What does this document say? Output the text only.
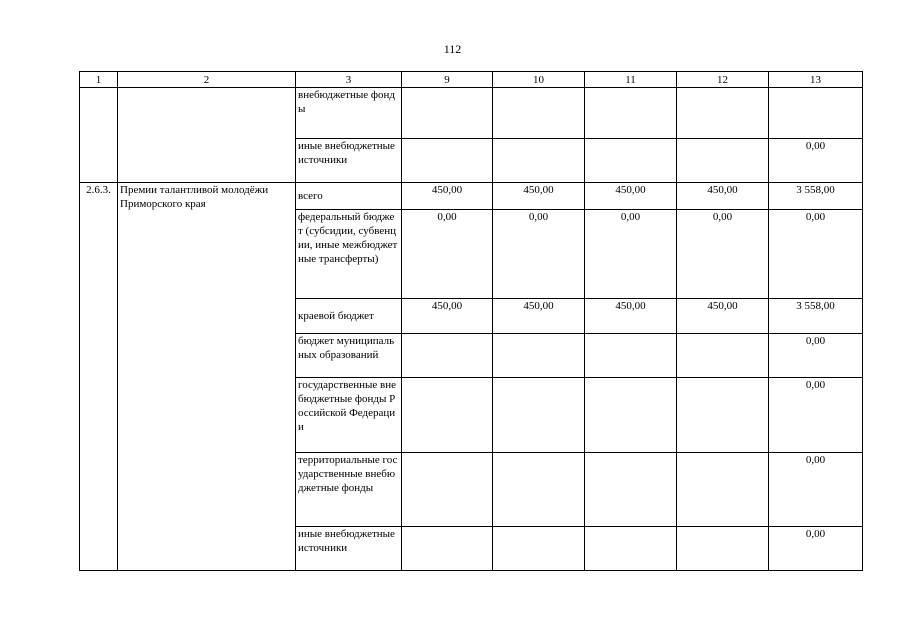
112
1	2	3	9	10	11	12	13
		внебюджетные фонды					
		иные внебюджетные источники					0,00
2.6.3.	Премии талантливой молодёжи Приморского края	всего	450,00	450,00	450,00	450,00	3 558,00
		федеральный бюджет (субсидии, субвенции, иные межбюджетные трансферты)	0,00	0,00	0,00	0,00	0,00
		краевой бюджет	450,00	450,00	450,00	450,00	3 558,00
		бюджет муниципальных образований					0,00
		государственные внебюджетные фонды Российской Федерации					0,00
		территориальные государственные внебюджетные фонды					0,00
		иные внебюджетные источники					0,00
